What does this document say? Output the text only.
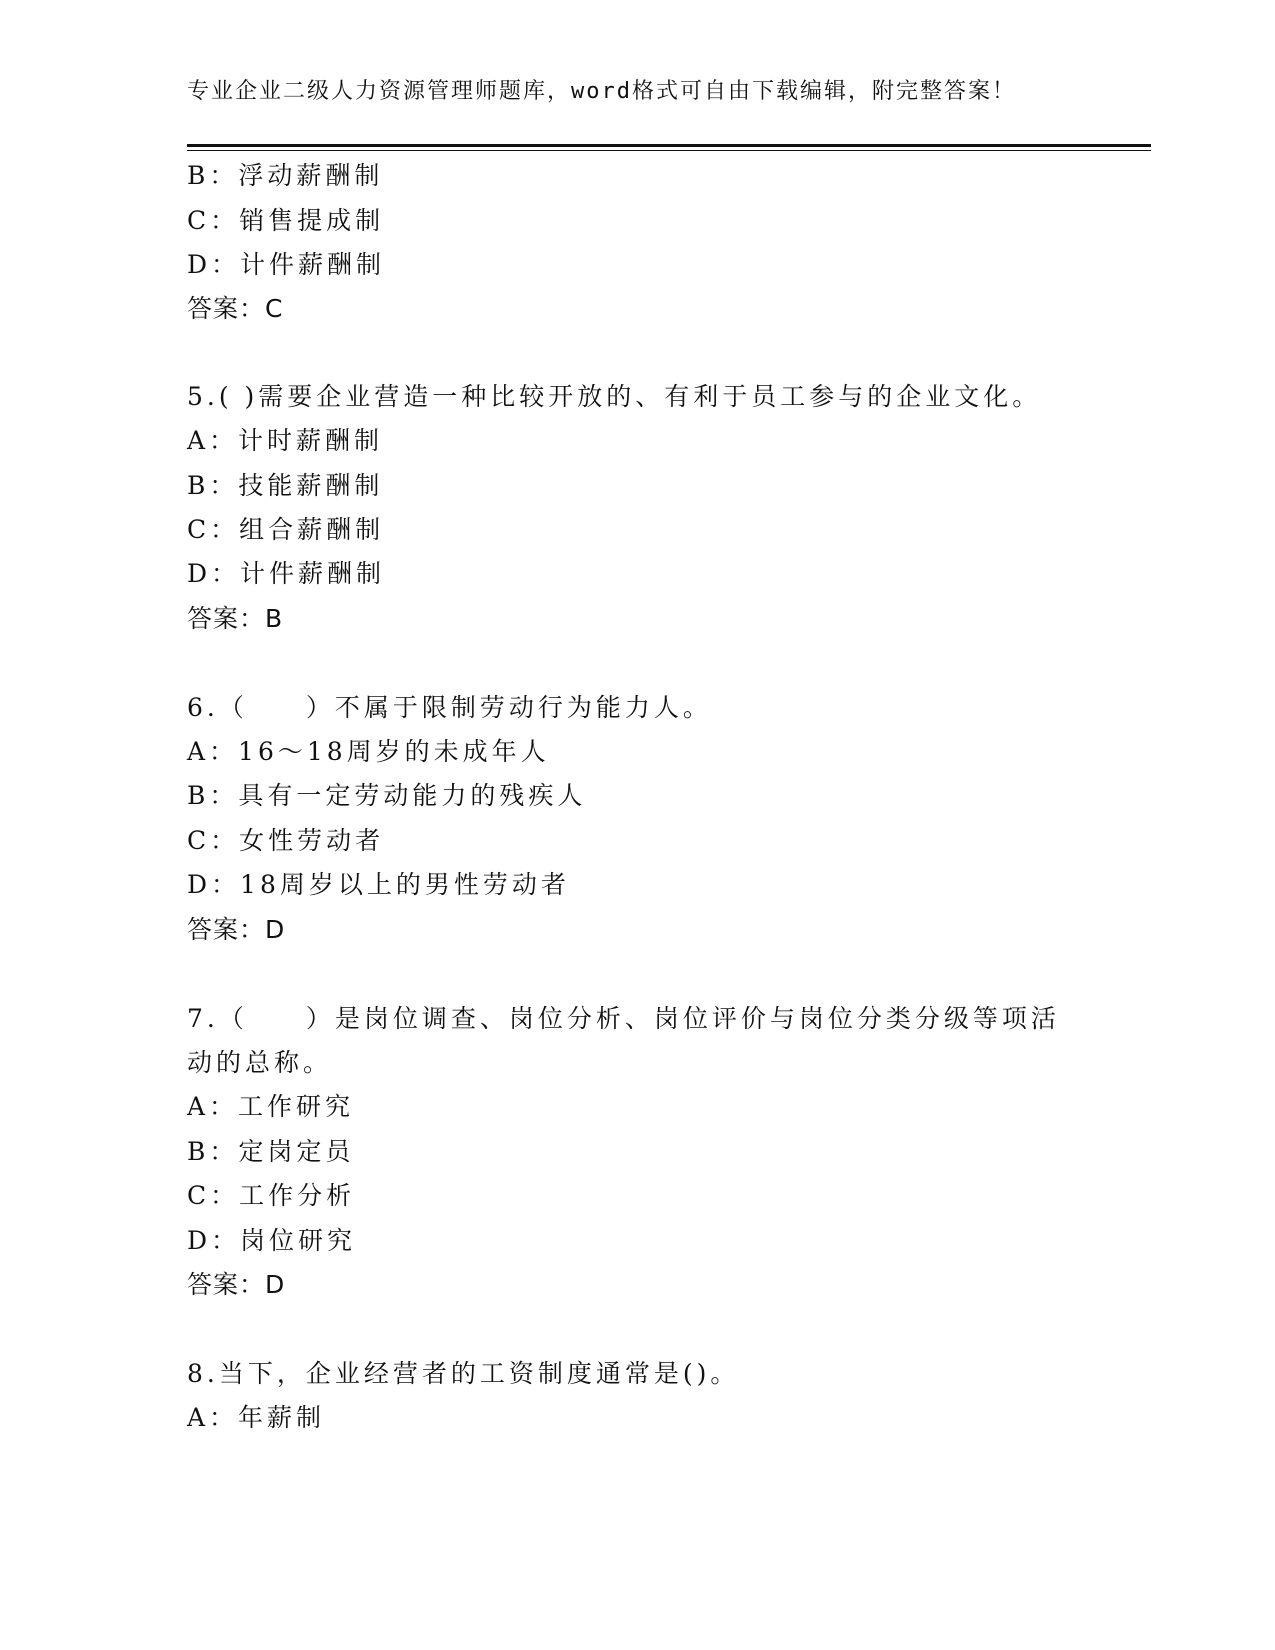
专业企业二级人力资源管理师题库，word格式可自由下载编辑，附完整答案！
B：浮动薪酬制
C：销售提成制
D：计件薪酬制
答案：C
5.( )需要企业营造一种比较开放的、有利于员工参与的企业文化。
A：计时薪酬制
B：技能薪酬制
C：组合薪酬制
D：计件薪酬制
答案：B
6.（　　）不属于限制劳动行为能力人。
A：16～18周岁的未成年人
B：具有一定劳动能力的残疾人
C：女性劳动者
D：18周岁以上的男性劳动者
答案：D
7.（　　）是岗位调查、岗位分析、岗位评价与岗位分类分级等项活
动的总称。
A：工作研究
B：定岗定员
C：工作分析
D：岗位研究
答案：D
8.当下，企业经营者的工资制度通常是()。
A：年薪制
